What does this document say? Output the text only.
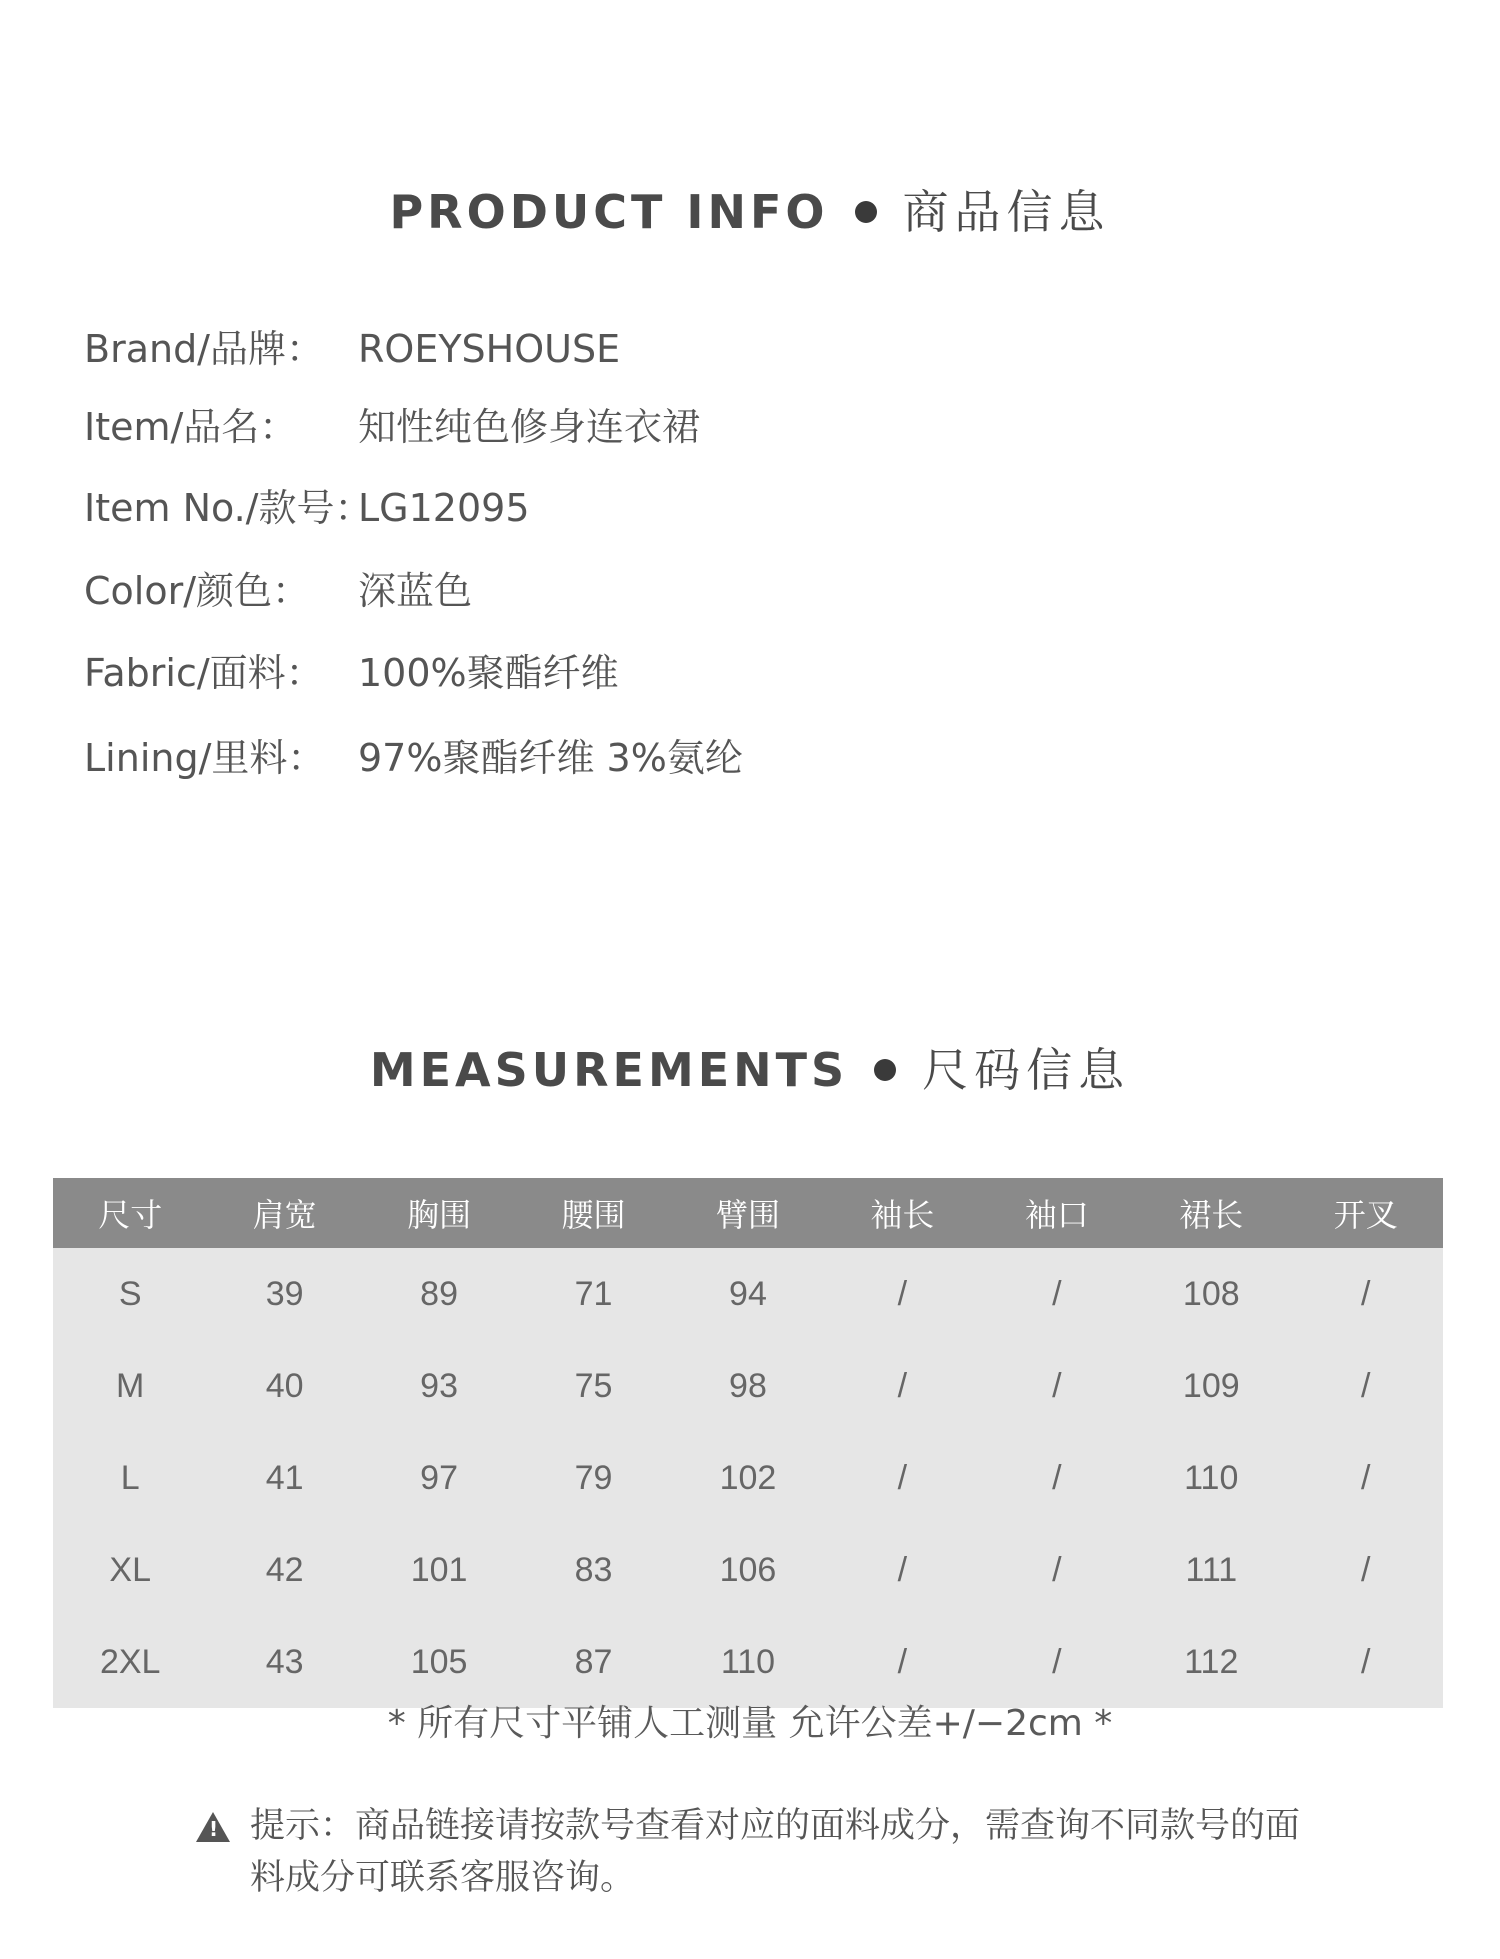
PRODUCT INFO 商品信息
Brand/品牌： ROEYSHOUSE
Item/品名： 知性纯色修身连衣裙
Item No./款号：LG12095
Color/颜色： 深蓝色
Fabric/面料： 100%聚酯纤维
Lining/里料： 97%聚酯纤维 3%氨纶
MEASUREMENTS 尺码信息
尺寸	肩宽	胸围	腰围	臂围	袖长	袖口	裙长	开叉
S	39	89	71	94	/	/	108	/
M	40	93	75	98	/	/	109	/
L	41	97	79	102	/	/	110	/
XL	42	101	83	106	/	/	111	/
2XL	43	105	87	110	/	/	112	/
* 所有尺寸平铺人工测量 允许公差+/−2cm *
!
提示：商品链接请按款号查看对应的面料成分，需查询不同款号的面料成分可联系客服咨询。
